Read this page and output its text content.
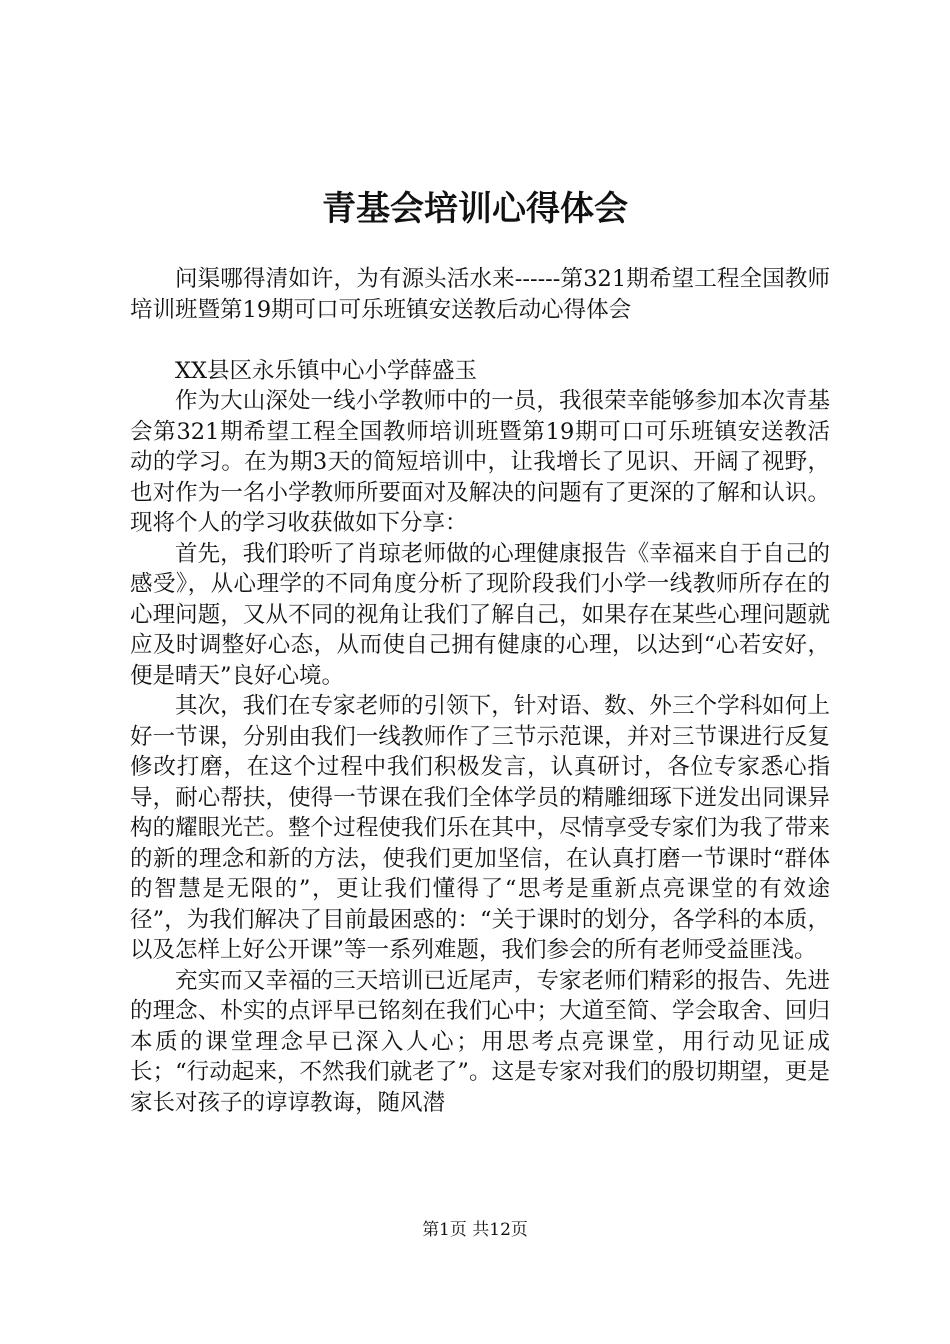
青基会培训心得体会

问渠哪得清如许，为有源头活水来------第321期希望工程全国教师培训班暨第19期可口可乐班镇安送教后动心得体会

XX县区永乐镇中心小学薛盛玉

作为大山深处一线小学教师中的一员，我很荣幸能够参加本次青基会第321期希望工程全国教师培训班暨第19期可口可乐班镇安送教活动的学习。在为期3天的简短培训中，让我增长了见识、开阔了视野，也对作为一名小学教师所要面对及解决的问题有了更深的了解和认识。现将个人的学习收获做如下分享：

首先，我们聆听了肖琼老师做的心理健康报告《幸福来自于自己的感受》，从心理学的不同角度分析了现阶段我们小学一线教师所存在的心理问题，又从不同的视角让我们了解自己，如果存在某些心理问题就应及时调整好心态，从而使自己拥有健康的心理，以达到“心若安好，便是晴天”良好心境。

其次，我们在专家老师的引领下，针对语、数、外三个学科如何上好一节课，分别由我们一线教师作了三节示范课，并对三节课进行反复修改打磨，在这个过程中我们积极发言，认真研讨，各位专家悉心指导，耐心帮扶，使得一节课在我们全体学员的精雕细琢下迸发出同课异构的耀眼光芒。整个过程使我们乐在其中，尽情享受专家们为我了带来的新的理念和新的方法，使我们更加坚信，在认真打磨一节课时“群体的智慧是无限的”，更让我们懂得了“思考是重新点亮课堂的有效途径”，为我们解决了目前最困惑的：“关于课时的划分，各学科的本质，以及怎样上好公开课”等一系列难题，我们参会的所有老师受益匪浅。

充实而又幸福的三天培训已近尾声，专家老师们精彩的报告、先进的理念、朴实的点评早已铭刻在我们心中；大道至简、学会取舍、回归本质的课堂理念早已深入人心；用思考点亮课堂，用行动见证成长；“行动起来，不然我们就老了”。这是专家对我们的殷切期望，更是家长对孩子的谆谆教诲，随风潜

第1页 共12页
